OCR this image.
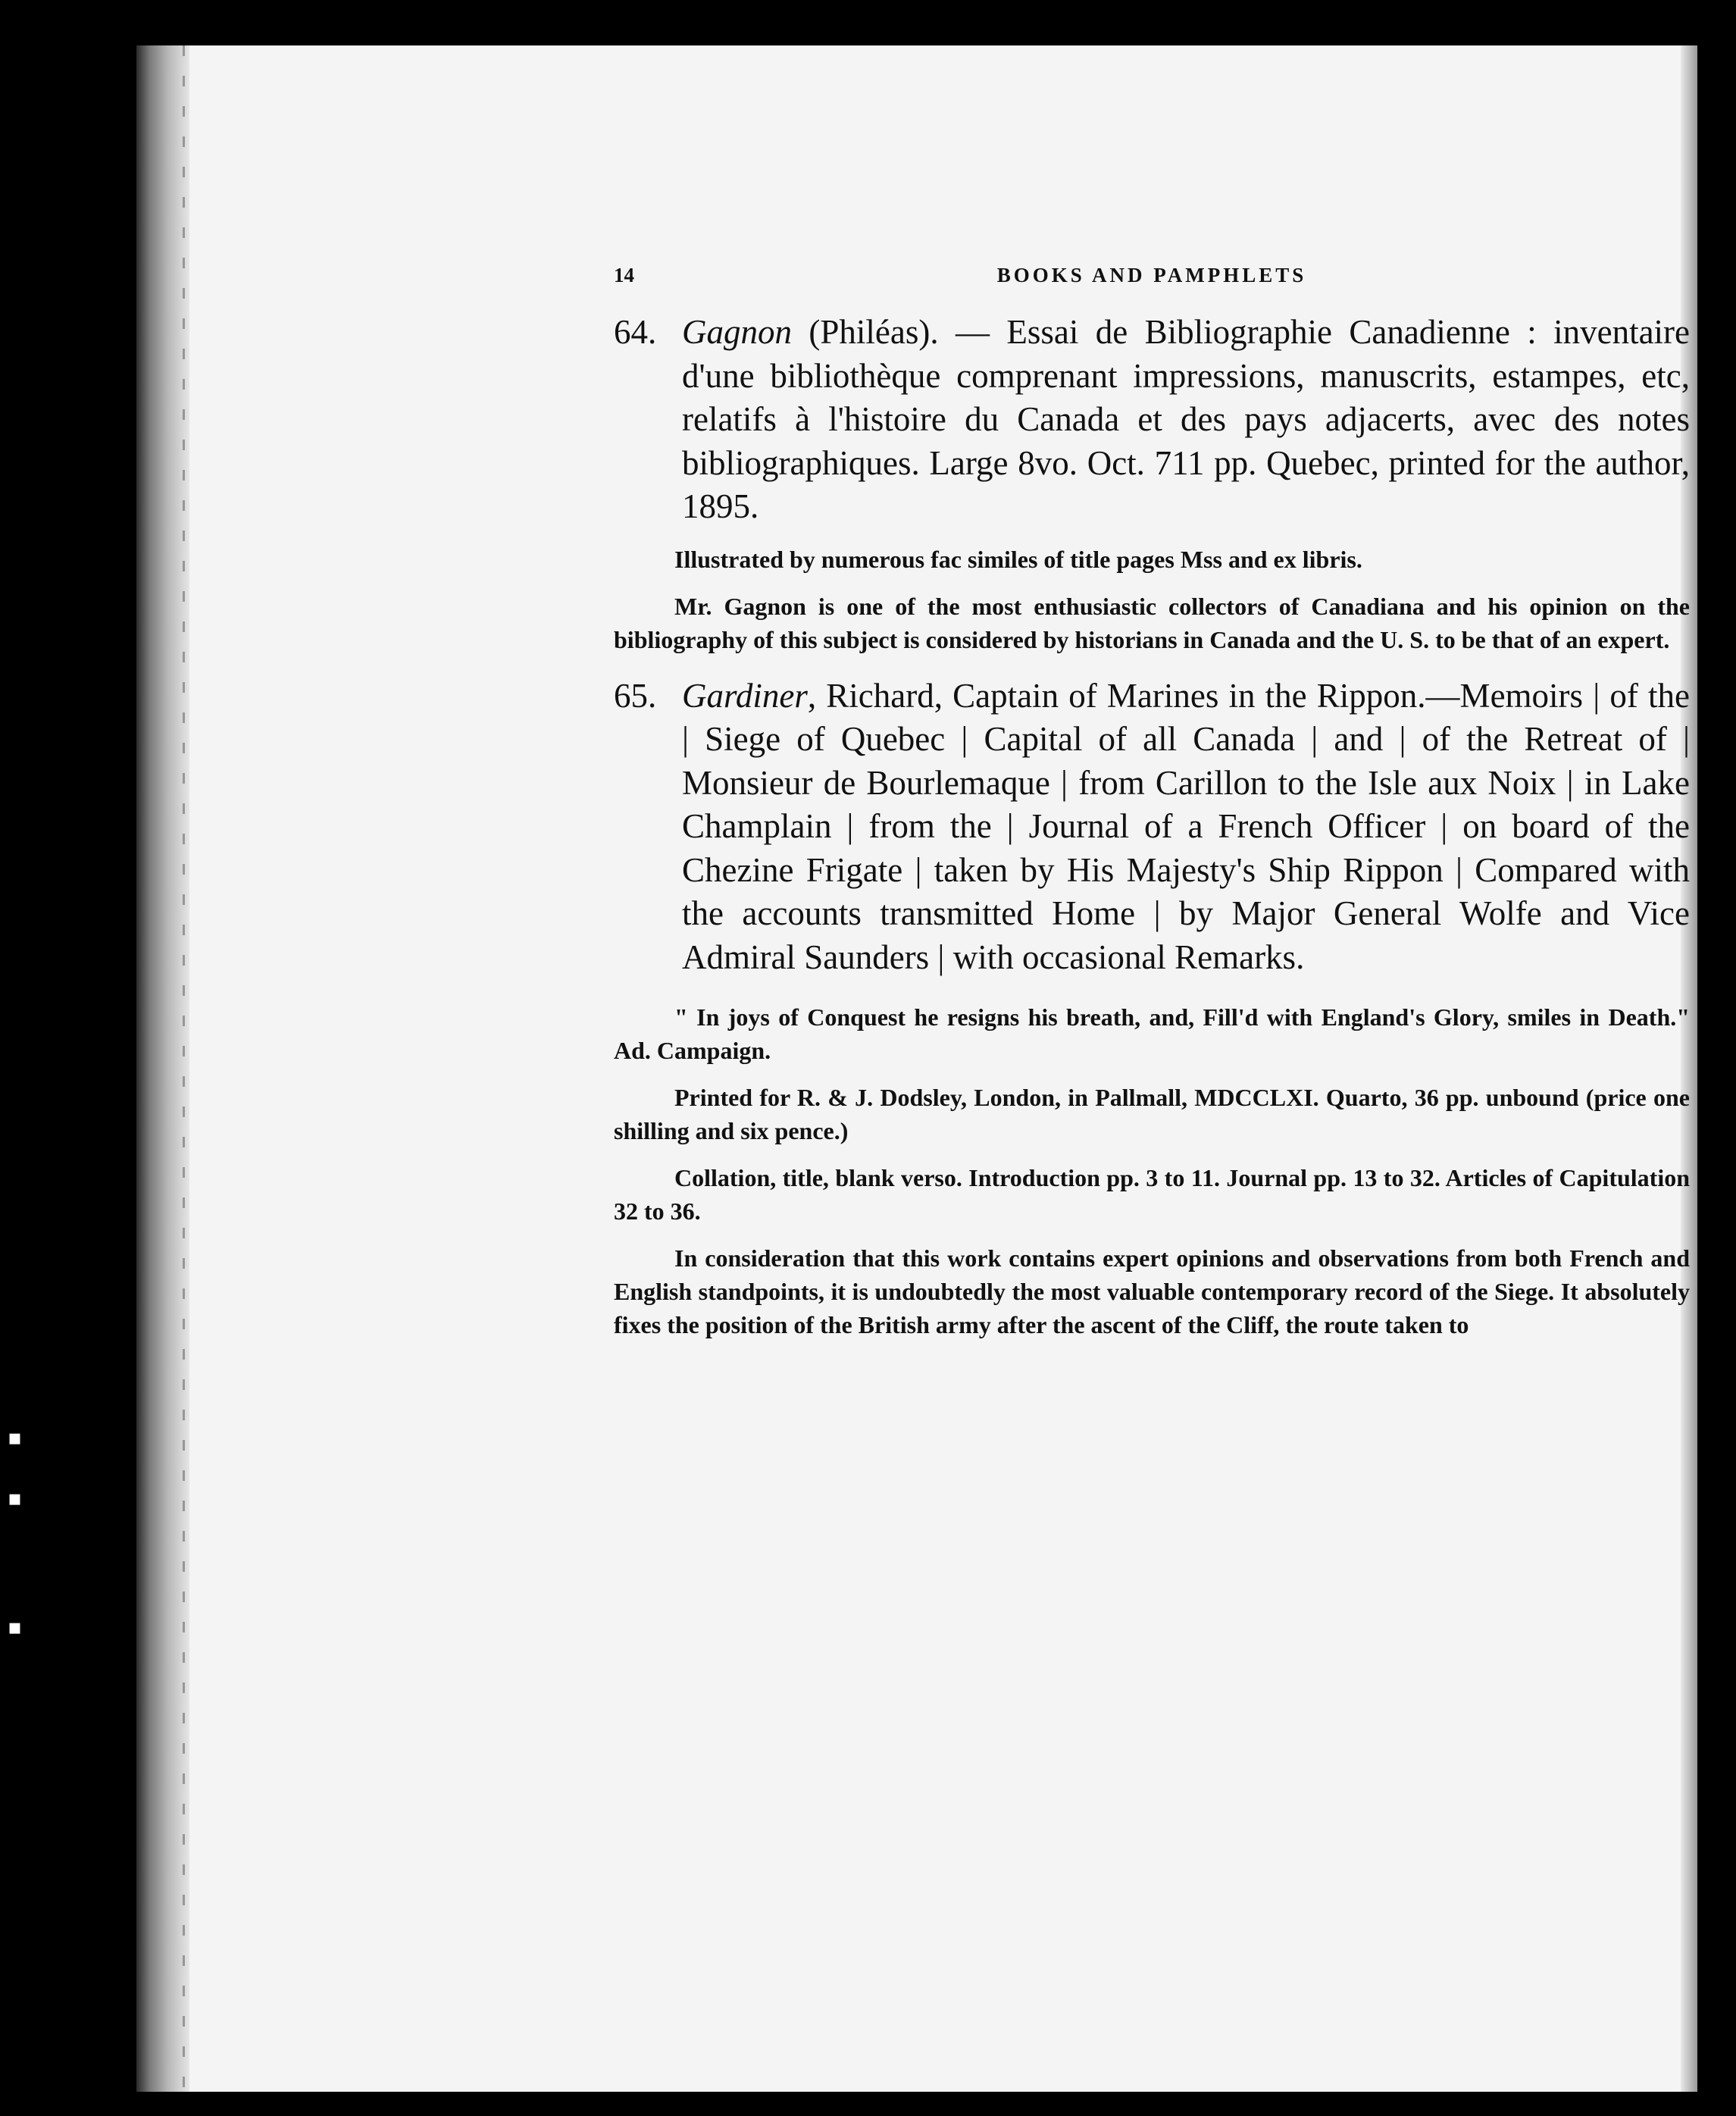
▪
▪
▪
14	BOOKS AND PAMPHLETS

64. Gagnon (Philéas). — Essai de Bibliographie Canadienne : inventaire d'une bibliothèque comprenant impressions, manuscrits, estampes, etc, relatifs à l'histoire du Canada et des pays adjacerts, avec des notes bibliographiques. Large 8vo. Oct. 711 pp. Quebec, printed for the author, 1895.

Illustrated by numerous fac similes of title pages Mss and ex libris.

Mr. Gagnon is one of the most enthusiastic collectors of Canadiana and his opinion on the bibliography of this subject is considered by historians in Canada and the U. S. to be that of an expert.

65. Gardiner, Richard, Captain of Marines in the Rippon.—Memoirs | of the | Siege of Quebec | Capital of all Canada | and | of the Retreat of | Monsieur de Bourlemaque | from Carillon to the Isle aux Noix | in Lake Champlain | from the | Journal of a French Officer | on board of the Chezine Frigate | taken by His Majesty's Ship Rippon | Compared with the accounts transmitted Home | by Major General Wolfe and Vice Admiral Saunders | with occasional Remarks.

" In joys of Conquest he resigns his breath, and, Fill'd with England's Glory, smiles in Death." Ad. Campaign.

Printed for R. & J. Dodsley, London, in Pallmall, MDCCLXI. Quarto, 36 pp. unbound (price one shilling and six pence.)

Collation, title, blank verso. Introduction pp. 3 to 11. Journal pp. 13 to 32. Articles of Capitulation 32 to 36.

In consideration that this work contains expert opinions and observations from both French and English standpoints, it is undoubtedly the most valuable contemporary record of the Siege. It absolutely fixes the position of the British army after the ascent of the Cliff, the route taken to
